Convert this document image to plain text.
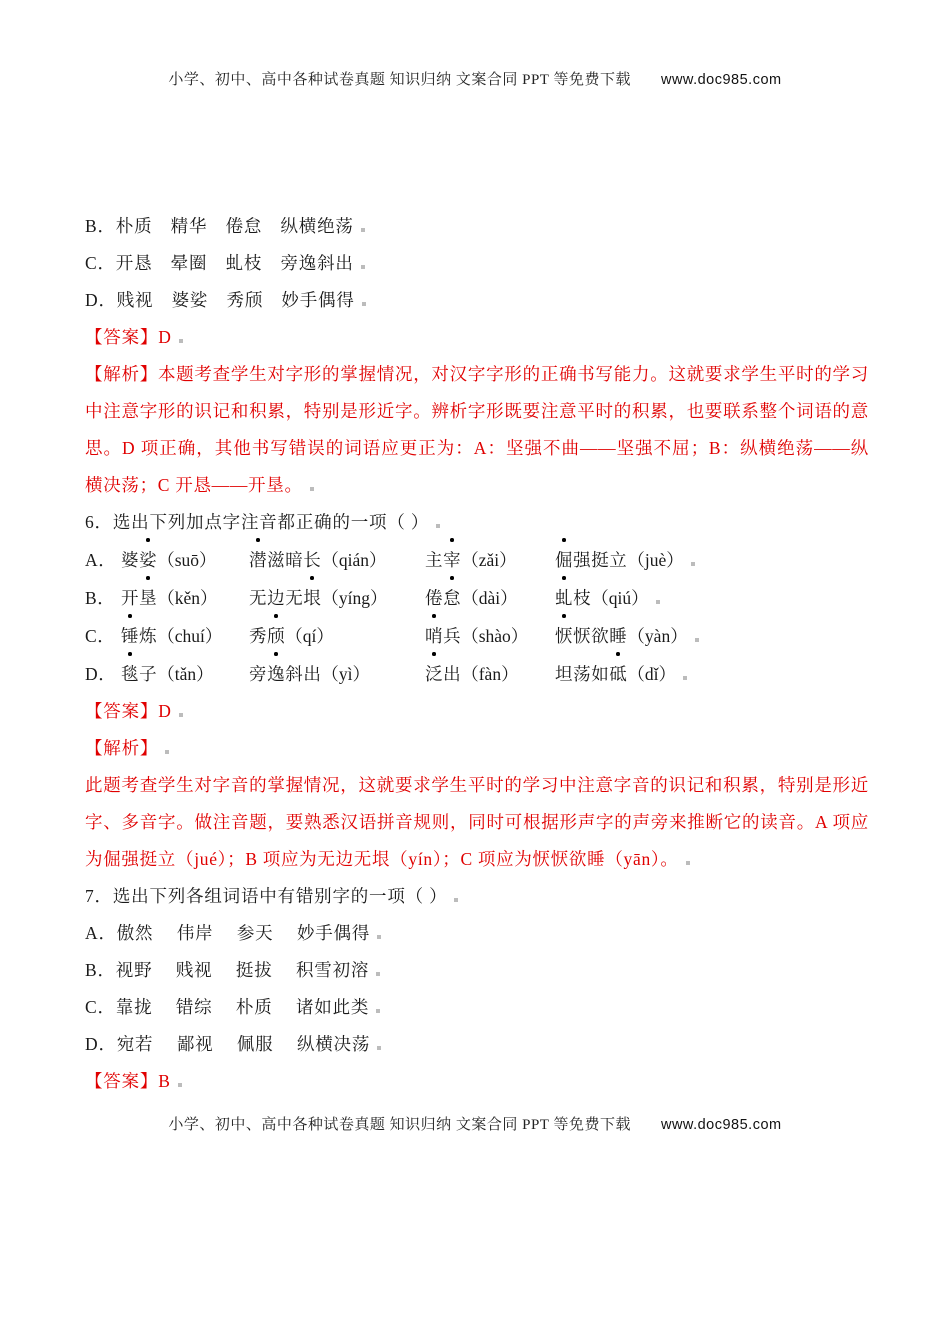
小学、初中、高中各种试卷真题 知识归纳 文案合同 PPT 等免费下载 www.doc985.com
B．朴质　精华　倦怠　纵横绝荡
C．开恳　晕圈　虬枝　旁逸斜出
D．贱视　婆娑　秀颀　妙手偶得
【答案】D

【解析】本题考查学生对字形的掌握情况，对汉字字形的正确书写能力。这就要求学生平时的学习中注意字形的识记和积累，特别是形近字。辨析字形既要注意平时的积累，也要联系整个词语的意思。D 项正确，其他书写错误的词语应更正为：A：坚强不曲——坚强不屈；B：纵横绝荡——纵横决荡；C 开恳——开垦。

6．选出下列加点字注音都正确的一项（ ）
A． 婆娑（suō）	潜滋暗长（qián）	主宰（zǎi）	倔强挺立（juè）
B． 开垦（kěn）	无边无垠（yíng）	倦怠（dài）	虬枝（qiú）
C． 锤炼（chuí）	秀颀（qí）	哨兵（shào）	恹恹欲睡（yàn）
D． 毯子（tǎn）	旁逸斜出（yì）	泛出（fàn）	坦荡如砥（dǐ）
【答案】D
【解析】

此题考查学生对字音的掌握情况，这就要求学生平时的学习中注意字音的识记和积累，特别是形近字、多音字。做注音题，要熟悉汉语拼音规则，同时可根据形声字的声旁来推断它的读音。A 项应为倔强挺立（jué）；B 项应为无边无垠（yín）；C 项应为恹恹欲睡（yān）。

7．选出下列各组词语中有错别字的一项（ ）
A．傲然　 伟岸　 参天　 妙手偶得
B．视野　 贱视　 挺拔　 积雪初溶
C．靠拢　 错综　 朴质　 诸如此类
D．宛若　 鄙视　 佩服　 纵横决荡
【答案】B
小学、初中、高中各种试卷真题 知识归纳 文案合同 PPT 等免费下载 www.doc985.com
